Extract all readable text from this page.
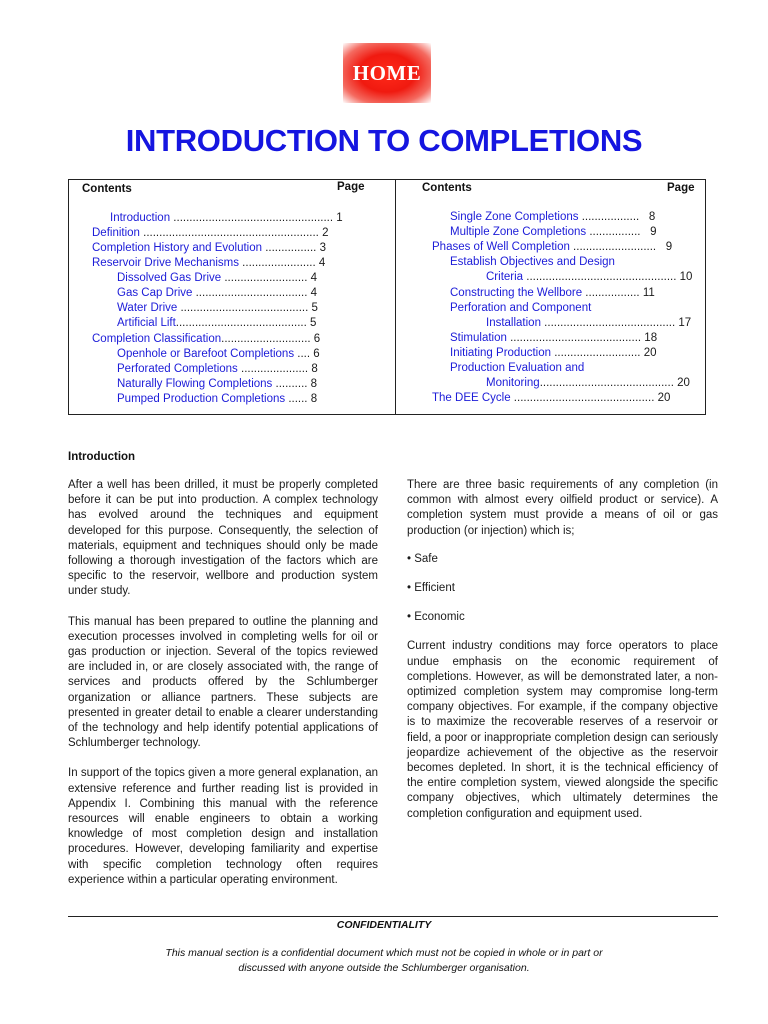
HOME
INTRODUCTION TO COMPLETIONS
Contents	Page	Contents	Page
Introduction .................................................. 1
Definition ....................................................... 2
Completion History and Evolution ................ 3
Reservoir Drive Mechanisms ....................... 4
Dissolved Gas Drive .......................... 4
Gas Cap Drive ................................... 4
Water Drive ........................................ 5
Artificial Lift......................................... 5
Completion Classification............................ 6
Openhole or Barefoot Completions .... 6
Perforated Completions ..................... 8
Naturally Flowing Completions .......... 8
Pumped Production Completions ...... 8
Single Zone Completions .................. 8
Multiple Zone Completions ................ 9
Phases of Well Completion .......................... 9
Establish Objectives and Design
Criteria ............................................... 10
Constructing the Wellbore ................. 11
Perforation and Component
Installation ......................................... 17
Stimulation ......................................... 18
Initiating Production ........................... 20
Production Evaluation and
Monitoring.......................................... 20
The DEE Cycle ............................................ 20
Introduction

After a well has been drilled, it must be properly completed before it can be put into production. A complex technology has evolved around the techniques and equipment developed for this purpose. Consequently, the selection of materials, equipment and techniques should only be made following a thorough investigation of the factors which are specific to the reservoir, wellbore and production system under study.

This manual has been prepared to outline the planning and execution processes involved in completing wells for oil or gas production or injection. Several of the topics reviewed are included in, or are closely associated with, the range of services and products offered by the Schlumberger organization or alliance partners. These subjects are presented in greater detail to enable a clearer understanding of the technology and help identify potential applications of Schlumberger technology.

In support of the topics given a more general explanation, an extensive reference and further reading list is provided in Appendix I. Combining this manual with the reference resources will enable engineers to obtain a working knowledge of most completion design and installation procedures. However, developing familiarity and expertise with specific completion technology often requires experience within a particular operating environment.

There are three basic requirements of any completion (in common with almost every oilfield product or service). A completion system must provide a means of oil or gas production (or injection) which is;

• Safe

• Efficient

• Economic

Current industry conditions may force operators to place undue emphasis on the economic requirement of completions. However, as will be demonstrated later, a non-optimized completion system may compromise long-term company objectives. For example, if the company objective is to maximize the recoverable reserves of a reservoir or field, a poor or inappropriate completion design can seriously jeopardize achievement of the objective as the reservoir becomes depleted. In short, it is the technical efficiency of the entire completion system, viewed alongside the specific company objectives, which ultimately determines the completion configuration and equipment used.

CONFIDENTIALITY
This manual section is a confidential document which must not be copied in whole or in part or
discussed with anyone outside the Schlumberger organisation.
